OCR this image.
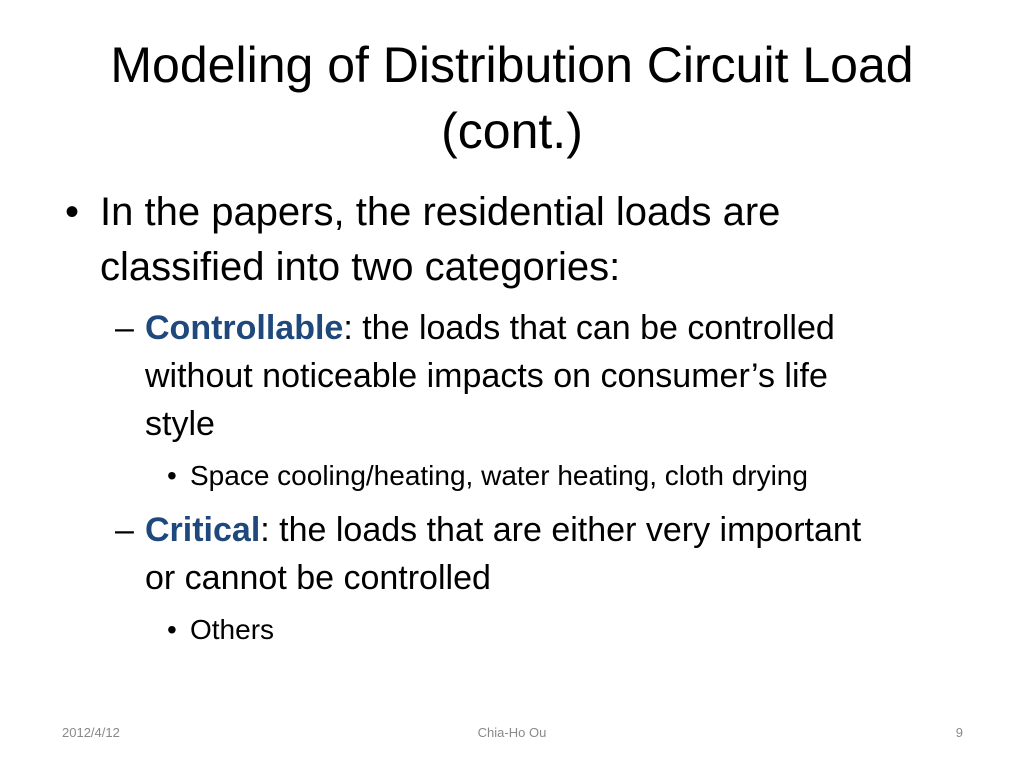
Modeling of Distribution Circuit Load (cont.)
• In the papers, the residential loads are classified into two categories:
– Controllable: the loads that can be controlled without noticeable impacts on consumer’s life style
• Space cooling/heating, water heating, cloth drying
– Critical: the loads that are either very important or cannot be controlled
• Others
2012/4/12	Chia-Ho Ou	9
